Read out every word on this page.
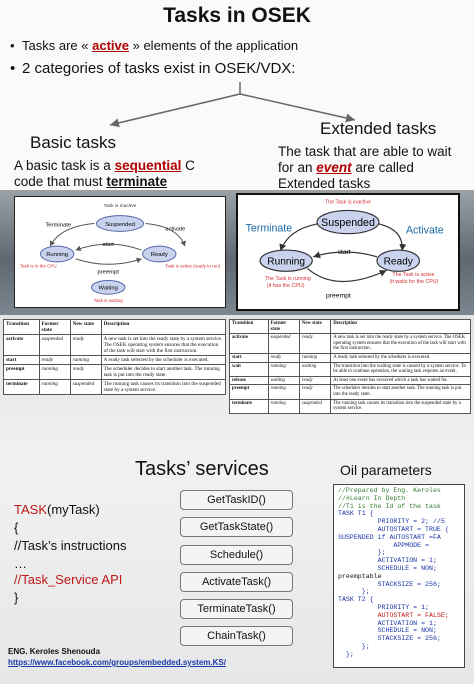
Tasks in OSEK
• Tasks are « active » elements of the application
• 2 categories of tasks exist in OSEK/VDX:
Basic tasks
A basic task is a sequential C
code that must terminate
Extended tasks
The task that are able to wait
for an event are called
Extended tasks
Task is inactive
Suspended
Terminate
activate
Running	Ready
start
preempt
Task is in the CPU	Task is active (ready to run)
Waiting
Task is waiting
The Task is inactive
Suspended
Terminate	Activate
Running	Ready
start
The Task is running
(it has the CPU)
The Task is active
(it waits for the CPU)
preempt
Transition	Former state	New state	Description
activate	suspended	ready	A new task is set into the ready state by a system service. The OSEK operating system ensures that the execution of the task will start with the first instruction.
start	ready	running	A ready task selected by the scheduler is executed.
preempt	running	ready	The scheduler decides to start another task. The running task is put into the ready state.
terminate	running	suspended	The running task causes its transition into the suspended state by a system service.
Transition	Former state	New state	Description
activate	suspended	ready	A new task is set into the ready state by a system service. The OSEK operating system ensures that the execution of the task will start with the first instruction.
start	ready	running	A ready task selected by the scheduler is executed.
wait	running	waiting	The transition into the waiting state is caused by a system service. To be able to continue operation, the waiting task requires an event.
release	waiting	ready	At least one event has occurred which a task has waited for.
preempt	running	ready	The scheduler decides to start another task. The running task is put into the ready state.
terminate	running	suspended	The running task causes its transition into the suspended state by a system service.
TASK(myTask)
{
//Task’s instructions
…
//Task_Service API
}
Tasks’ services
GetTaskID()
GetTaskState()
Schedule()
ActivateTask()
TerminateTask()
ChainTask()
Oil parameters
//Prepared by Eng. Keroles
//#Learn In Depth
//T1 is the Id of the task
TASK T1 {
PRIORITY = 2; //5
AUTOSTART = TRUE {
SUSPENDED if AUTOSTART =FA
APPMODE =
};
ACTIVATION = 1;
SCHEDULE = NON;
preemptable
STACKSIZE = 256;
};
TASK T2 {
PRIORITY = 1;
AUTOSTART = FALSE;
ACTIVATION = 1;
SCHEDULE = NON;
STACKSIZE = 256;
};
};
ENG. Keroles Shenouda
https://www.facebook.com/groups/embedded.system.KS/
